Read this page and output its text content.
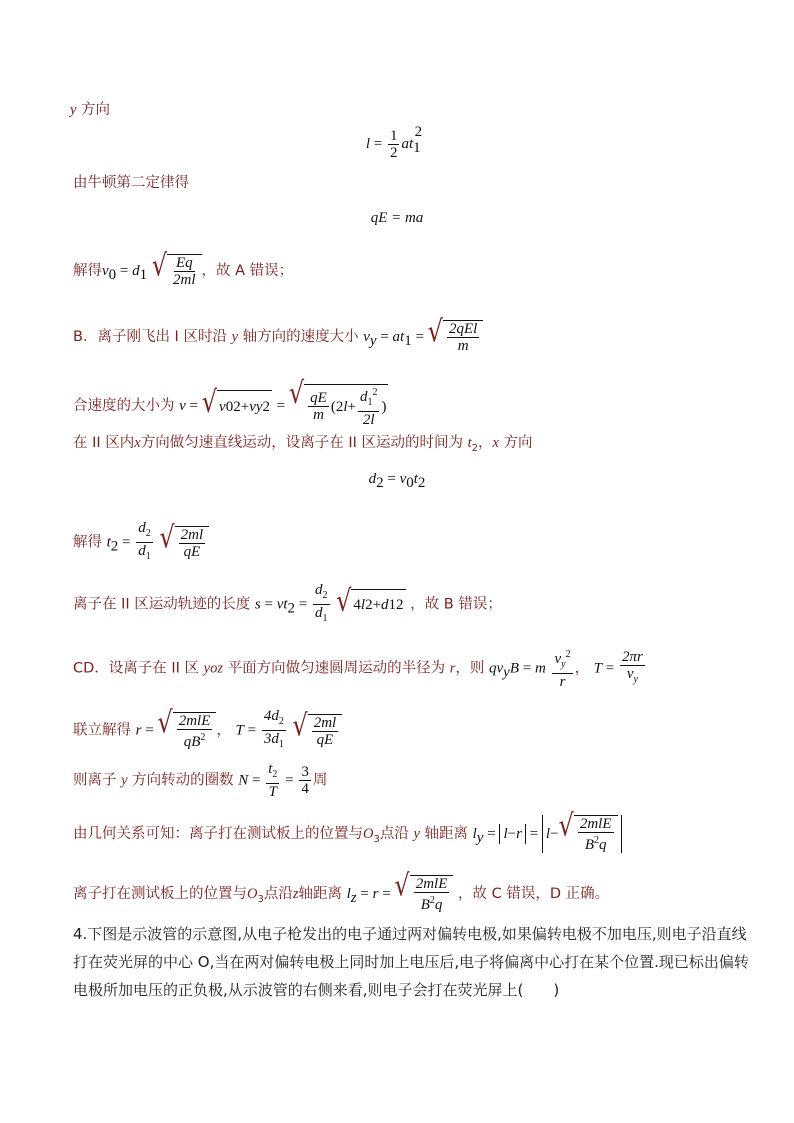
y 方向
$l = \frac{1}{2} at_1^2$
由牛顿第二定律得
qE = ma
解得$v_0 = d_1$ √ $\frac{Eq}{2ml}$ ，故 A 错误；
B．离子刚飞出 I 区时沿 y 轴方向的速度大小 $v_y = at_1$ = √ $\frac{\text{2qEl}}{m}$
合速度的大小为 v = √ v 0 2 + v y 2 = √ $\frac{qE}{m} (2$ $l + \frac{d_1^2}{2l}$ )
在 II 区内x方向做匀速直线运动，设离子在 II 区运动的时间为 $t_2$，x 方向
$d_2 = v_0t_2$
解得 $t_2 = \frac{d_2}{d_1}$
√ $\frac{2ml}{qE}$
离子在 II 区运动轨迹的长度 $s = vt_2 = \frac{d_2}{d_1}$
√ 4 l 2 + d 1 2 ，故 B 错误；
CD．设离子在 II 区 yoz 平面方向做匀速圆周运动的半径为 r，则 $qv_yB = m \frac{v_y^2}{r}$ ， $T = \frac{2\pi r}{v_y}$
联立解得 r = √ $\frac{\text{2mlE}}{qB^2}$ ， $T = \frac{4d_2}{3d_1}$
√ $\frac{2ml}{qE}$
则离子 y 方向转动的圈数 $N = \frac{t_2}{T} = \frac{3}{4}$ 周
由几何关系可知：离子打在测试板上的位置与$O_3$点沿 y 轴距离 $l_y = l - r = l$ − √ $\frac{\text{2mlE}}{B^2q}$
离子打在测试板上的位置与$O_3$点沿z轴距离 $l_z = r$ = √ $\frac{\text{2mlE}}{B^2q}$ ，故 C 错误，D 正确。
4.下图是示波管的示意图,从电子枪发出的电子通过两对偏转电极,如果偏转电极不加电压,则电子沿直线打在荧光屏的中心 O,当在两对偏转电极上同时加上电压后,电子将偏离中心打在某个位置.现已标出偏转电极所加电压的正负极,从示波管的右侧来看,则电子会打在荧光屏上(　　)
